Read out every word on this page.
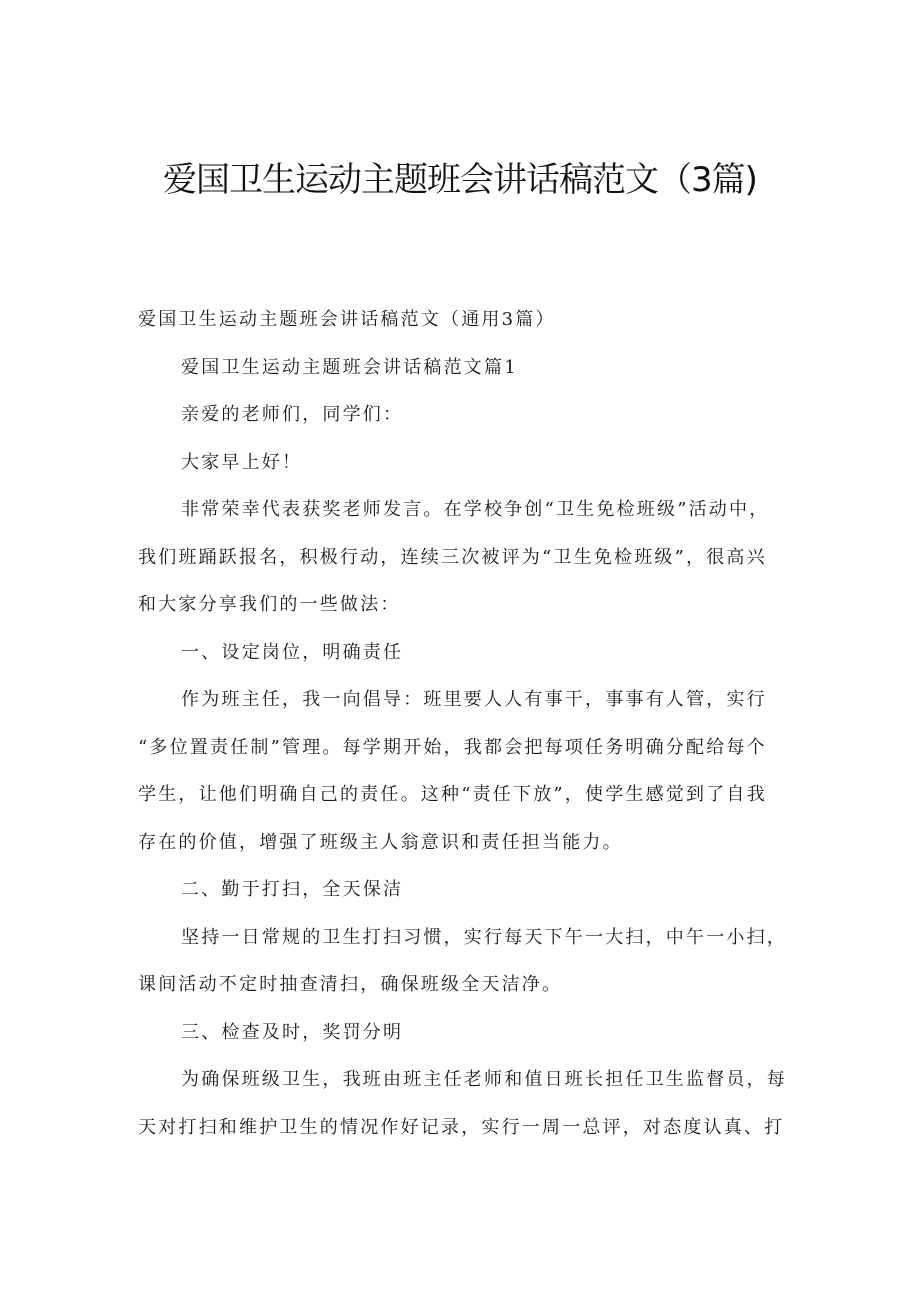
爱国卫生运动主题班会讲话稿范文（3篇)

爱国卫生运动主题班会讲话稿范文（通用3篇）

爱国卫生运动主题班会讲话稿范文篇1

亲爱的老师们，同学们：

大家早上好！

非常荣幸代表获奖老师发言。在学校争创“卫生免检班级”活动中，
我们班踊跃报名，积极行动，连续三次被评为“卫生免检班级”，很高兴
和大家分享我们的一些做法：

一、设定岗位，明确责任

作为班主任，我一向倡导：班里要人人有事干，事事有人管，实行
“多位置责任制”管理。每学期开始，我都会把每项任务明确分配给每个
学生，让他们明确自己的责任。这种“责任下放”，使学生感觉到了自我
存在的价值，增强了班级主人翁意识和责任担当能力。

二、勤于打扫，全天保洁

坚持一日常规的卫生打扫习惯，实行每天下午一大扫，中午一小扫，
课间活动不定时抽查清扫，确保班级全天洁净。

三、检查及时，奖罚分明

为确保班级卫生，我班由班主任老师和值日班长担任卫生监督员，每
天对打扫和维护卫生的情况作好记录，实行一周一总评，对态度认真、打
